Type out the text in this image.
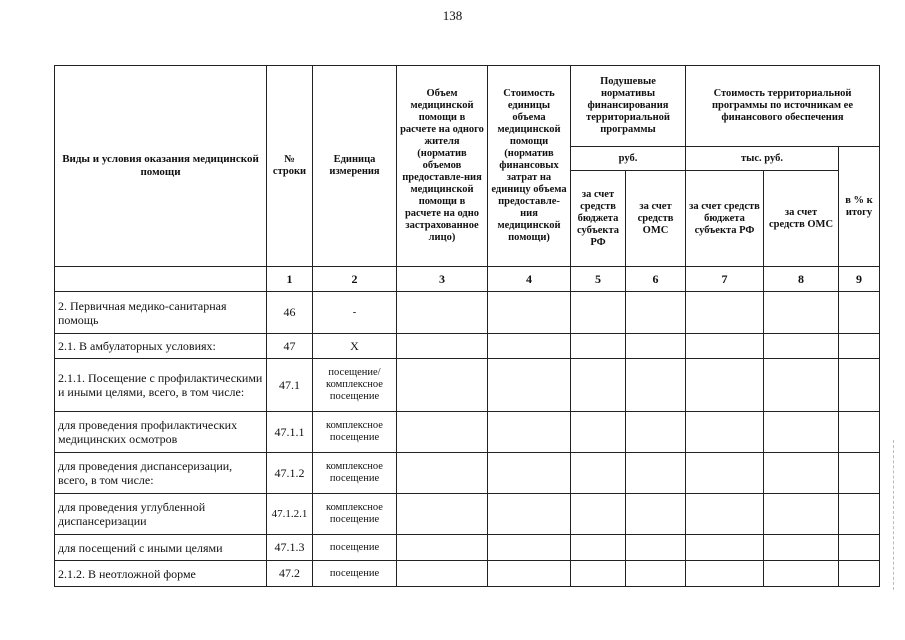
138
Виды и условия оказания медицинской помощи	№ строки	Единица измерения	Объем медицинской помощи в расчете на одного жителя (норматив объемов предоставле-ния медицинской помощи в расчете на одно застрахованное лицо)	Стоимость единицы объема медицинской помощи (норматив финансовых затрат на единицу объема предоставле-ния медицинской помощи)	Подушевые нормативы финансирования территориальной программы		Стоимость территориальной программы по источникам ее финансового обеспечения		
					руб.		тыс. руб.		в % к итогу
					за счет средств бюджета субъекта РФ	за счет средств ОМС	за счет средств бюджета субъекта РФ	за счет средств ОМС	
	1	2	3	4	5	6	7	8	9
2. Первичная медико-санитарная помощь	46	-							
2.1. В амбулаторных условиях:	47	Х							
2.1.1. Посещение с профилактическими и иными целями, всего, в том числе:	47.1	посещение/ комплексное посещение							
для проведения профилактических медицинских осмотров	47.1.1	комплексное посещение							
для проведения диспансеризации, всего, в том числе:	47.1.2	комплексное посещение							
для проведения углубленной диспансеризации	47.1.2.1	комплексное посещение							
для посещений с иными целями	47.1.3	посещение							
2.1.2. В неотложной форме	47.2	посещение							
